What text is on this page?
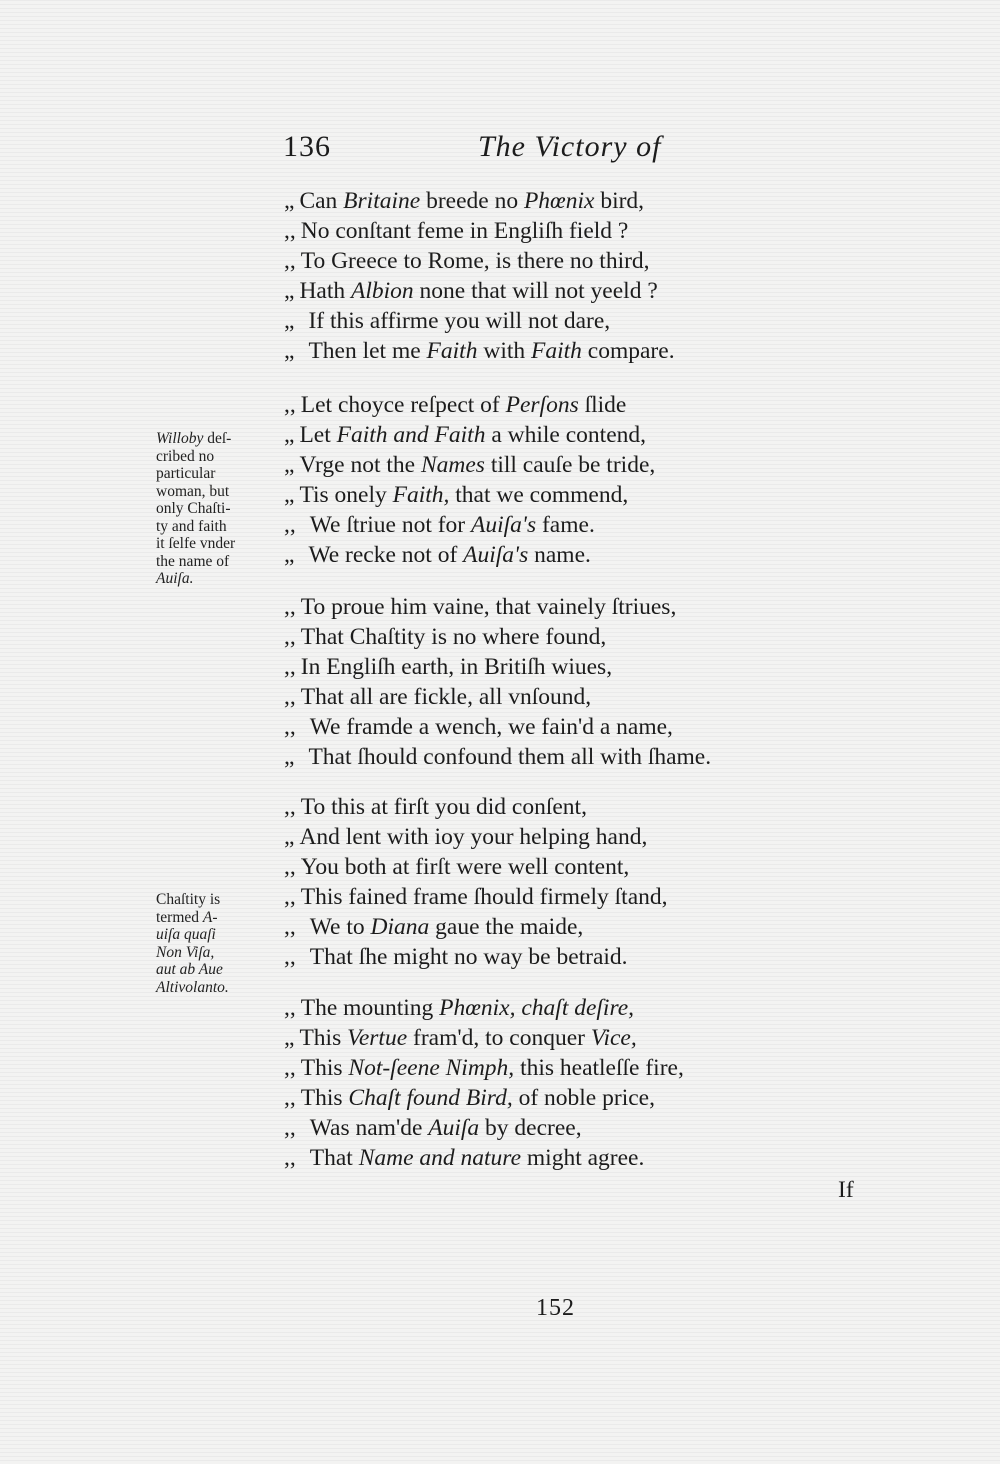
136	The Victory of
„ Can Britaine breede no Phœnix bird,
,, No conſtant feme in Engliſh field ?
,, To Greece to Rome, is there no third,
„ Hath Albion none that will not yeeld ?
„ If this affirme you will not dare,
„ Then let me Faith with Faith compare.
,, Let choyce reſpect of Perſons ſlide
„ Let Faith and Faith a while contend,
„ Vrge not the Names till cauſe be tride,
„ Tis onely Faith, that we commend,
,, We ſtriue not for Auiſa's fame.
„ We recke not of Auiſa's name.
,, To proue him vaine, that vainely ſtriues,
,, That Chaſtity is no where found,
,, In Engliſh earth, in Britiſh wiues,
,, That all are fickle, all vnſound,
,, We framde a wench, we fain'd a name,
„ That ſhould confound them all with ſhame.
,, To this at firſt you did conſent,
„ And lent with ioy your helping hand,
,, You both at firſt were well content,
,, This fained frame ſhould firmely ſtand,
,, We to Diana gaue the maide,
,, That ſhe might no way be betraid.
,, The mounting Phœnix, chaſt deſire,
„ This Vertue fram'd, to conquer Vice,
,, This Not-ſeene Nimph, this heatleſſe fire,
,, This Chaſt found Bird, of noble price,
,, Was nam'de Auiſa by decree,
,, That Name and nature might agree.
Willoby deſ-
cribed no
particular
woman, but
only Chaſti-
ty and faith
it ſelfe vnder
the name of
Auiſa.
Chaſtity is
termed A-
uiſa quaſi
Non Viſa,
aut ab Aue
Altivolanto.
If
152
